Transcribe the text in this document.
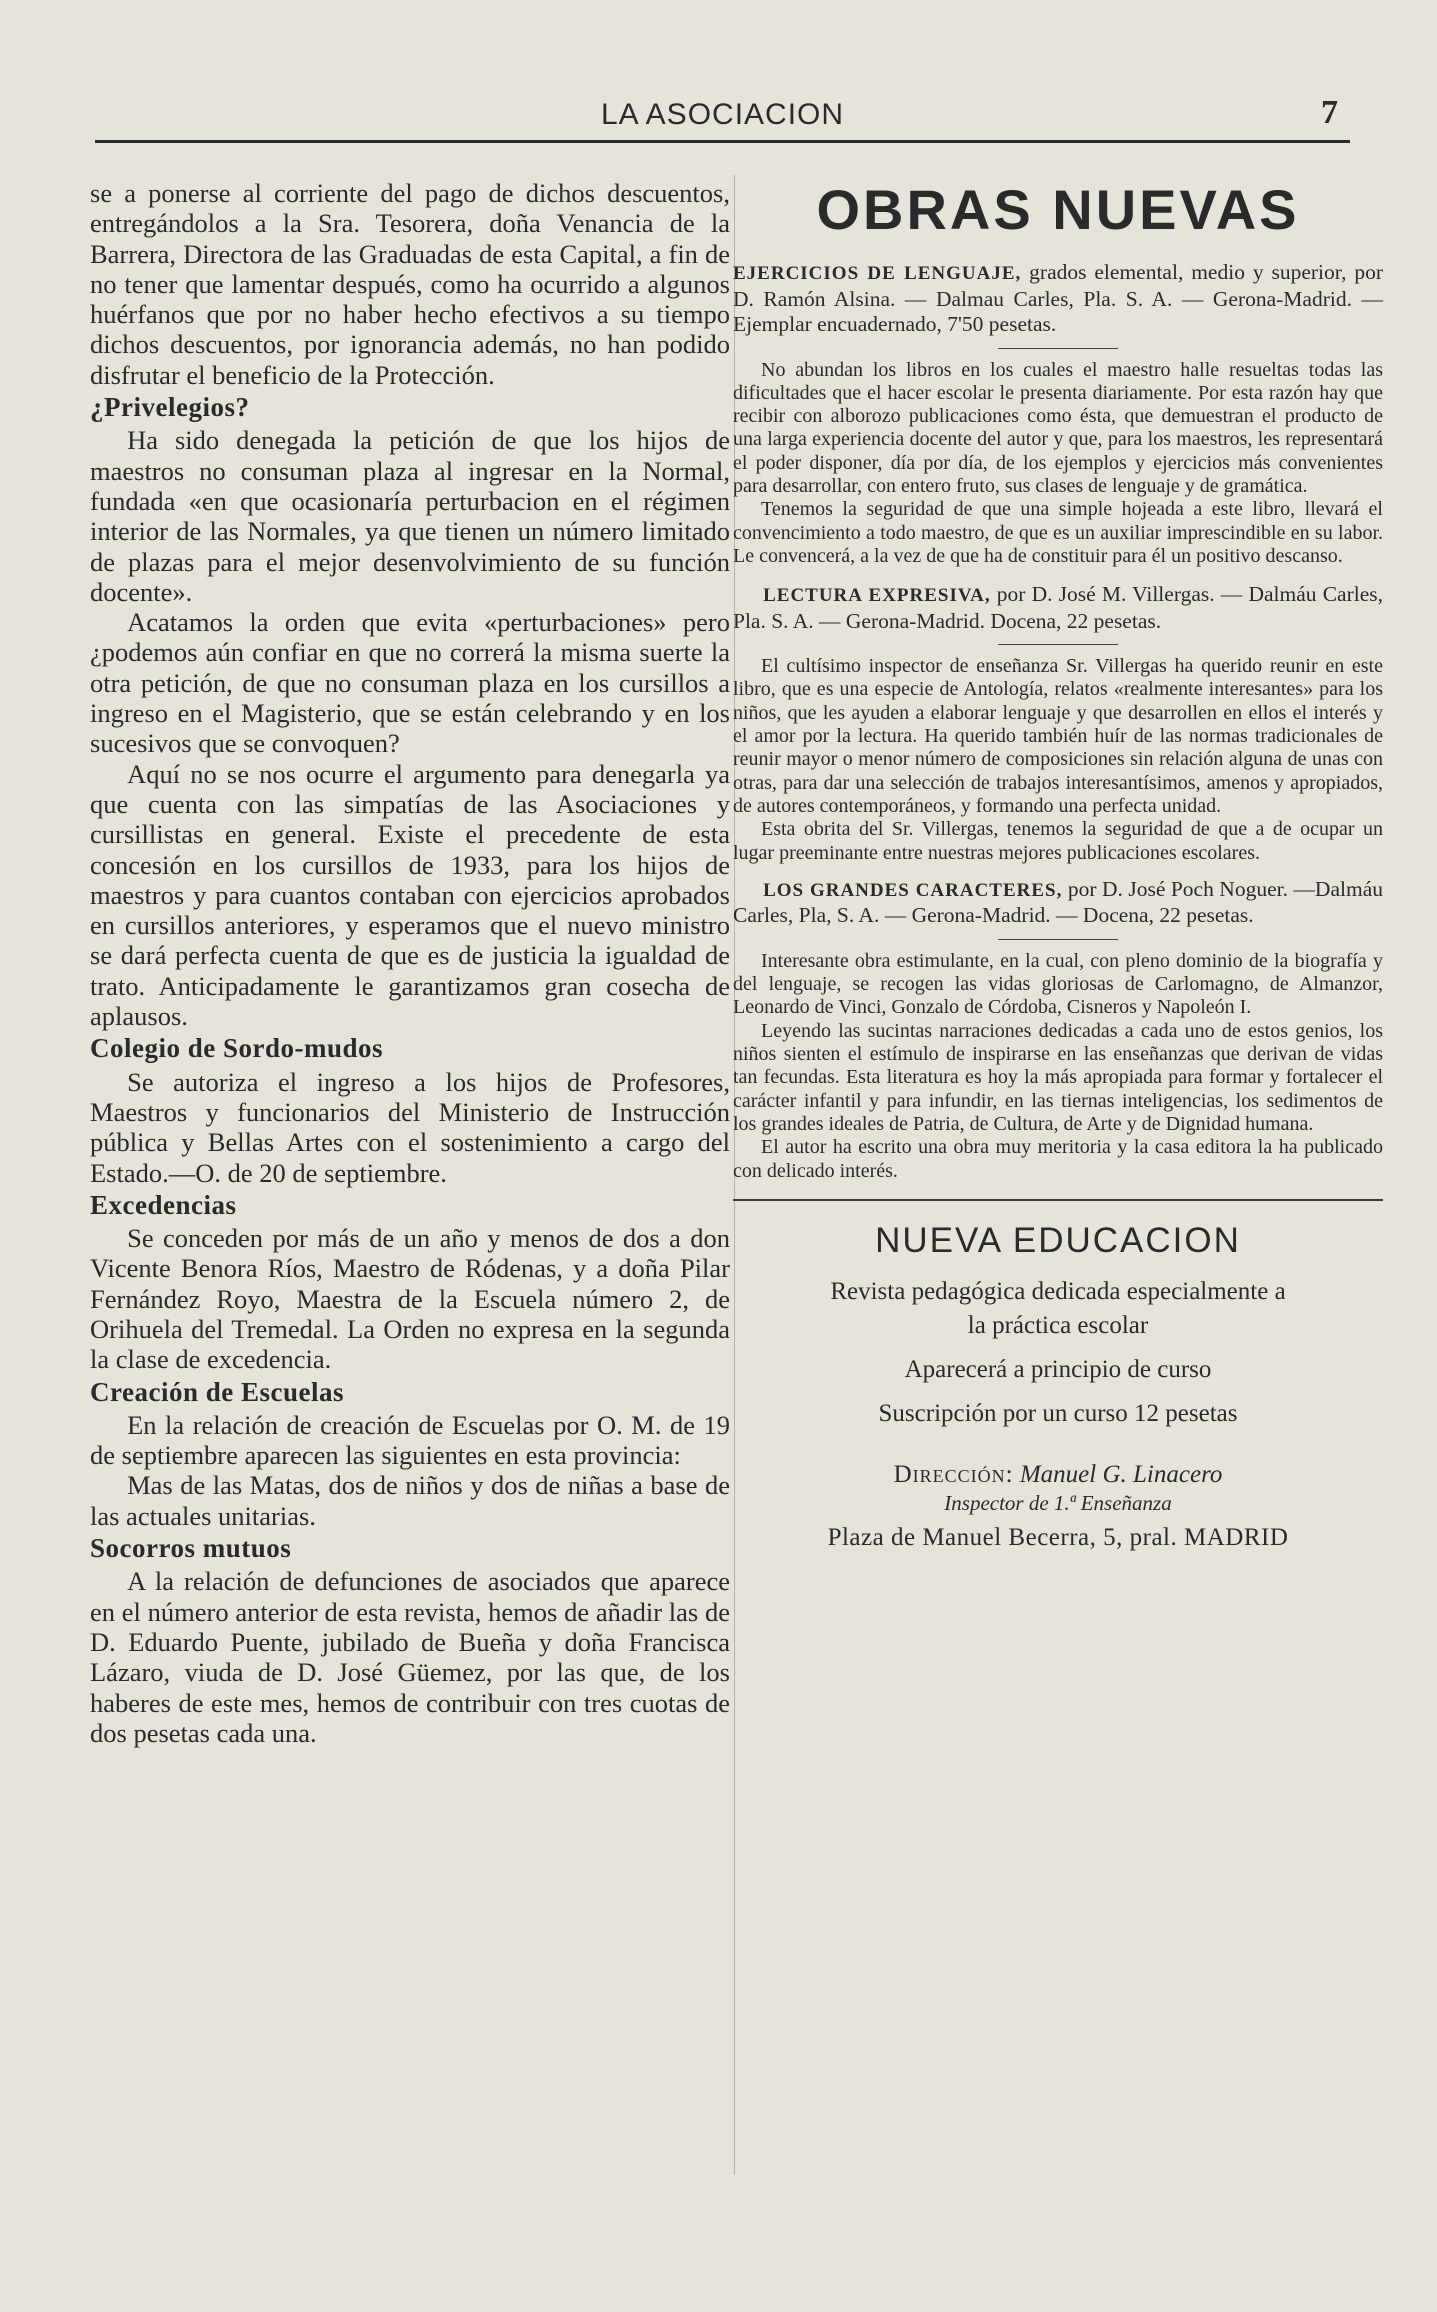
LA ASOCIACION	7

se a ponerse al corriente del pago de dichos descuentos, entregándolos a la Sra. Tesorera, doña Venancia de la Barrera, Directora de las Graduadas de esta Capital, a fin de no tener que lamentar después, como ha ocurrido a algunos huérfanos que por no haber hecho efectivos a su tiempo dichos descuentos, por ignorancia además, no han podido disfrutar el beneficio de la Protección.

¿Privelegios?

Ha sido denegada la petición de que los hijos de maestros no consuman plaza al ingresar en la Normal, fundada «en que ocasionaría perturbacion en el régimen interior de las Normales, ya que tienen un número limitado de plazas para el mejor desenvolvimiento de su función docente».

Acatamos la orden que evita «perturbaciones» pero ¿podemos aún confiar en que no correrá la misma suerte la otra petición, de que no consuman plaza en los cursillos a ingreso en el Magisterio, que se están celebrando y en los sucesivos que se convoquen?

Aquí no se nos ocurre el argumento para denegarla ya que cuenta con las simpatías de las Asociaciones y cursillistas en general. Existe el precedente de esta concesión en los cursillos de 1933, para los hijos de maestros y para cuantos contaban con ejercicios aprobados en cursillos anteriores, y esperamos que el nuevo ministro se dará perfecta cuenta de que es de justicia la igualdad de trato. Anticipadamente le garantizamos gran cosecha de aplausos.

Colegio de Sordo-mudos

Se autoriza el ingreso a los hijos de Profesores, Maestros y funcionarios del Ministerio de Instrucción pública y Bellas Artes con el sostenimiento a cargo del Estado.—O. de 20 de septiembre.

Excedencias

Se conceden por más de un año y menos de dos a don Vicente Benora Ríos, Maestro de Ródenas, y a doña Pilar Fernández Royo, Maestra de la Escuela número 2, de Orihuela del Tremedal. La Orden no expresa en la segunda la clase de excedencia.

Creación de Escuelas

En la relación de creación de Escuelas por O. M. de 19 de septiembre aparecen las siguientes en esta provincia:

Mas de las Matas, dos de niños y dos de niñas a base de las actuales unitarias.

Socorros mutuos

A la relación de defunciones de asociados que aparece en el número anterior de esta revista, hemos de añadir las de D. Eduardo Puente, jubilado de Bueña y doña Francisca Lázaro, viuda de D. José Güemez, por las que, de los haberes de este mes, hemos de contribuir con tres cuotas de dos pesetas cada una.

OBRAS NUEVAS

EJERCICIOS DE LENGUAJE, grados elemental, medio y superior, por D. Ramón Alsina. — Dalmau Carles, Pla. S. A. — Gerona-Madrid. — Ejemplar encuadernado, 7'50 pesetas.

No abundan los libros en los cuales el maestro halle resueltas todas las dificultades que el hacer escolar le presenta diariamente. Por esta razón hay que recibir con alborozo publicaciones como ésta, que demuestran el producto de una larga experiencia docente del autor y que, para los maestros, les representará el poder disponer, día por día, de los ejemplos y ejercicios más convenientes para desarrollar, con entero fruto, sus clases de lenguaje y de gramática.

Tenemos la seguridad de que una simple hojeada a este libro, llevará el convencimiento a todo maestro, de que es un auxiliar imprescindible en su labor. Le convencerá, a la vez de que ha de constituir para él un positivo descanso.

LECTURA EXPRESIVA, por D. José M. Villergas. — Dalmáu Carles, Pla. S. A. — Gerona-Madrid. Docena, 22 pesetas.

El cultísimo inspector de enseñanza Sr. Villergas ha querido reunir en este libro, que es una especie de Antología, relatos «realmente interesantes» para los niños, que les ayuden a elaborar lenguaje y que desarrollen en ellos el interés y el amor por la lectura. Ha querido también huír de las normas tradicionales de reunir mayor o menor número de composiciones sin relación alguna de unas con otras, para dar una selección de trabajos interesantísimos, amenos y apropiados, de autores contemporáneos, y formando una perfecta unidad.

Esta obrita del Sr. Villergas, tenemos la seguridad de que a de ocupar un lugar preeminante entre nuestras mejores publicaciones escolares.

LOS GRANDES CARACTERES, por D. José Poch Noguer. —Dalmáu Carles, Pla, S. A. — Gerona-Madrid. — Docena, 22 pesetas.

Interesante obra estimulante, en la cual, con pleno dominio de la biografía y del lenguaje, se recogen las vidas gloriosas de Carlomagno, de Almanzor, Leonardo de Vinci, Gonzalo de Córdoba, Cisneros y Napoleón I.

Leyendo las sucintas narraciones dedicadas a cada uno de estos genios, los niños sienten el estímulo de inspirarse en las enseñanzas que derivan de vidas tan fecundas. Esta literatura es hoy la más apropiada para formar y fortalecer el carácter infantil y para infundir, en las tiernas inteligencias, los sedimentos de los grandes ideales de Patria, de Cultura, de Arte y de Dignidad humana.

El autor ha escrito una obra muy meritoria y la casa editora la ha publicado con delicado interés.

NUEVA EDUCACION

Revista pedagógica dedicada especialmente a

la práctica escolar

Aparecerá a principio de curso

Suscripción por un curso 12 pesetas

Dirección: Manuel G. Linacero

Inspector de 1.ª Enseñanza

Plaza de Manuel Becerra, 5, pral. MADRID
